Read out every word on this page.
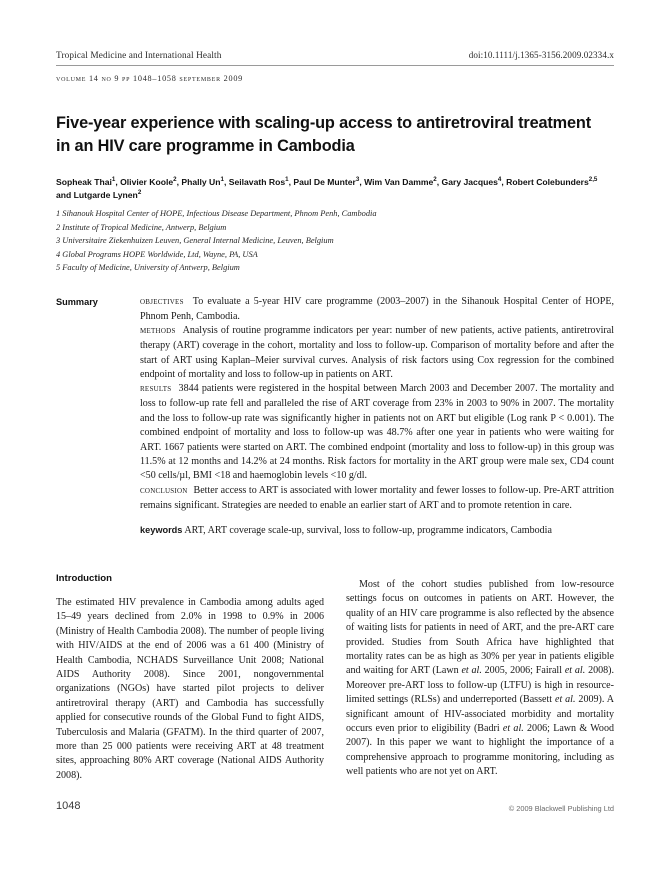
Tropical Medicine and International Health	doi:10.1111/j.1365-3156.2009.02334.x
volume 14 no 9 pp 1048–1058 september 2009
Five-year experience with scaling-up access to antiretroviral treatment in an HIV care programme in Cambodia
Sopheak Thai$^1$, Olivier Koole$^2$, Phally Un$^1$, Seilavath Ros$^1$, Paul De Munter$^3$, Wim Van Damme$^2$, Gary Jacques$^4$, Robert Colebunders$^{2,5}$ and Lutgarde Lynen$^2$
1 Sihanouk Hospital Center of HOPE, Infectious Disease Department, Phnom Penh, Cambodia
2 Institute of Tropical Medicine, Antwerp, Belgium
3 Universitaire Ziekenhuizen Leuven, General Internal Medicine, Leuven, Belgium
4 Global Programs HOPE Worldwide, Ltd, Wayne, PA, USA
5 Faculty of Medicine, University of Antwerp, Belgium
Summary	objectives To evaluate a 5-year HIV care programme (2003–2007) in the Sihanouk Hospital Center of HOPE, Phnom Penh, Cambodia.

methods Analysis of routine programme indicators per year: number of new patients, active patients, antiretroviral therapy (ART) coverage in the cohort, mortality and loss to follow-up. Comparison of mortality before and after the start of ART using Kaplan–Meier survival curves. Analysis of risk factors using Cox regression for the combined endpoint of mortality and loss to follow-up in patients on ART.

results 3844 patients were registered in the hospital between March 2003 and December 2007. The mortality and loss to follow-up rate fell and paralleled the rise of ART coverage from 23% in 2003 to 90% in 2007. The mortality and the loss to follow-up rate was significantly higher in patients not on ART but eligible (Log rank P < 0.001). The combined endpoint of mortality and loss to follow-up was 48.7% after one year in patients who were waiting for ART. 1667 patients were started on ART. The combined endpoint (mortality and loss to follow-up) in this group was 11.5% at 12 months and 14.2% at 24 months. Risk factors for mortality in the ART group were male sex, CD4 count <50 cells/µl, BMI <18 and haemoglobin levels <10 g/dl.

conclusion Better access to ART is associated with lower mortality and fewer losses to follow-up. Pre-ART attrition remains significant. Strategies are needed to enable an earlier start of ART and to promote retention in care.

keywords ART, ART coverage scale-up, survival, loss to follow-up, programme indicators, Cambodia

Introduction

The estimated HIV prevalence in Cambodia among adults aged 15–49 years declined from 2.0% in 1998 to 0.9% in 2006 (Ministry of Health Cambodia 2008). The number of people living with HIV/AIDS at the end of 2006 was a 61 400 (Ministry of Health Cambodia, NCHADS Surveillance Unit 2008; National AIDS Authority 2008). Since 2001, nongovernmental organizations (NGOs) have started pilot projects to deliver antiretroviral therapy (ART) and Cambodia has successfully applied for consecutive rounds of the Global Fund to fight AIDS, Tuberculosis and Malaria (GFATM). In the third quarter of 2007, more than 25 000 patients were receiving ART at 48 treatment sites, approaching 80% ART coverage (National AIDS Authority 2008).

Most of the cohort studies published from low-resource settings focus on outcomes in patients on ART. However, the quality of an HIV care programme is also reflected by the absence of waiting lists for patients in need of ART, and the pre-ART care provided. Studies from South Africa have highlighted that mortality rates can be as high as 30% per year in patients eligible and waiting for ART (Lawn et al. 2005, 2006; Fairall et al. 2008). Moreover pre-ART loss to follow-up (LTFU) is high in resource-limited settings (RLSs) and underreported (Bassett et al. 2009). A significant amount of HIV-associated morbidity and mortality occurs even prior to eligibility (Badri et al. 2006; Lawn & Wood 2007). In this paper we want to highlight the importance of a comprehensive approach to programme monitoring, including as well patients who are not yet on ART.

1048	© 2009 Blackwell Publishing Ltd
